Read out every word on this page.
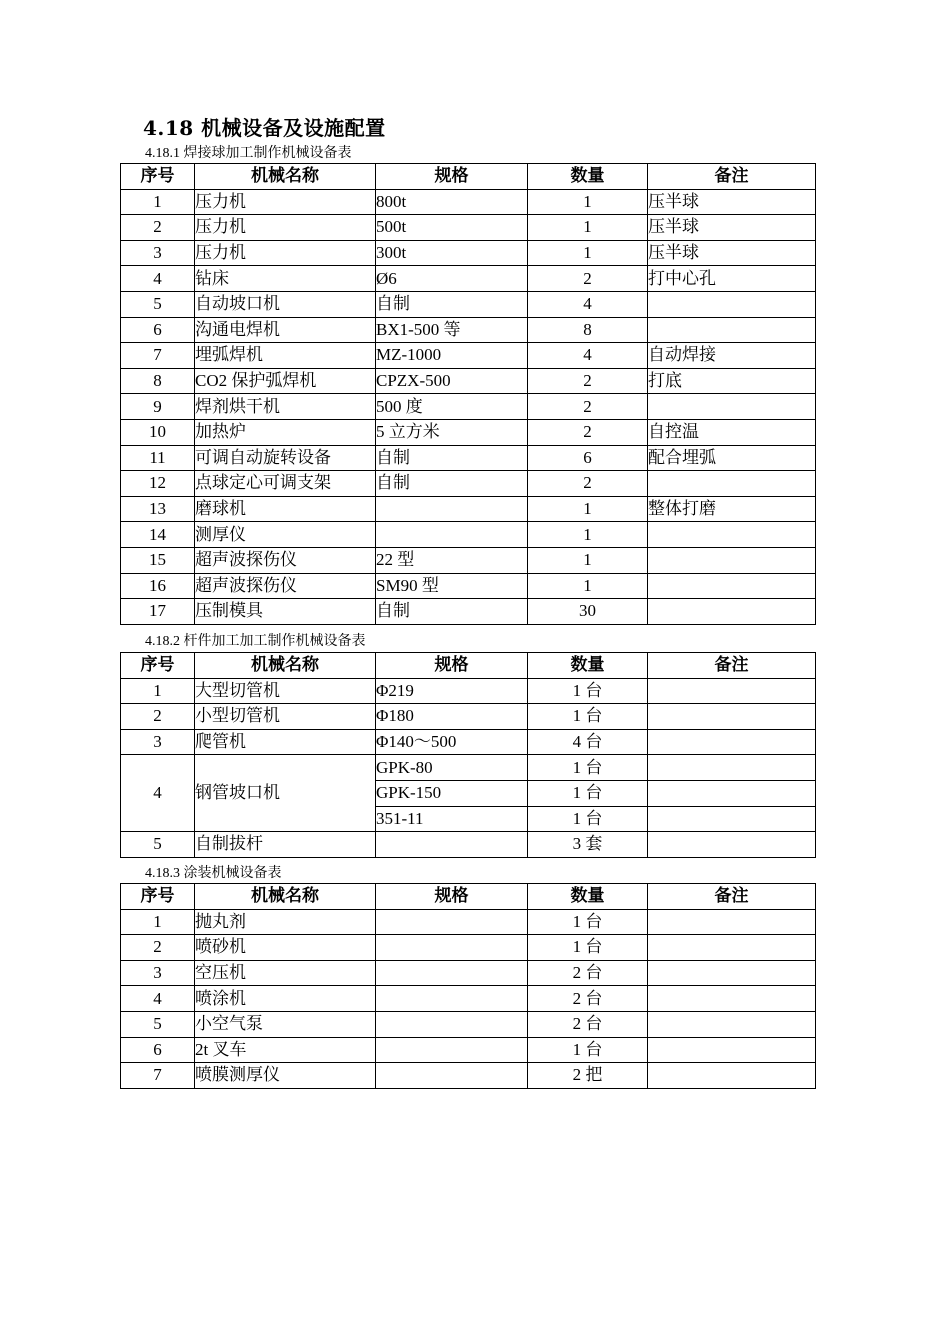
4.18 机械设备及设施配置
4.18.1 焊接球加工制作机械设备表
序号	机械名称	规格	数量	备注
1	压力机	800t	1	压半球
2	压力机	500t	1	压半球
3	压力机	300t	1	压半球
4	钻床	Ø6	2	打中心孔
5	自动坡口机	自制	4	
6	沟通电焊机	BX1-500 等	8	
7	埋弧焊机	MZ-1000	4	自动焊接
8	CO2 保护弧焊机	CPZX-500	2	打底
9	焊剂烘干机	500 度	2	
10	加热炉	5 立方米	2	自控温
11	可调自动旋转设备	自制	6	配合埋弧
12	点球定心可调支架	自制	2	
13	磨球机		1	整体打磨
14	测厚仪		1	
15	超声波探伤仪	22 型	1	
16	超声波探伤仪	SM90 型	1	
17	压制模具	自制	30	
4.18.2 杆件加工加工制作机械设备表
序号	机械名称	规格	数量	备注
1	大型切管机	Φ219	1 台	
2	小型切管机	Φ180	1 台	
3	爬管机	Φ140～500	4 台	
4	钢管坡口机	GPK-80	1 台	
		GPK-150	1 台	
		351-11	1 台	
5	自制拔杆		3 套	
4.18.3 涂装机械设备表
序号	机械名称	规格	数量	备注
1	抛丸剂		1 台	
2	喷砂机		1 台	
3	空压机		2 台	
4	喷涂机		2 台	
5	小空气泵		2 台	
6	2t 叉车		1 台	
7	喷膜测厚仪		2 把	
